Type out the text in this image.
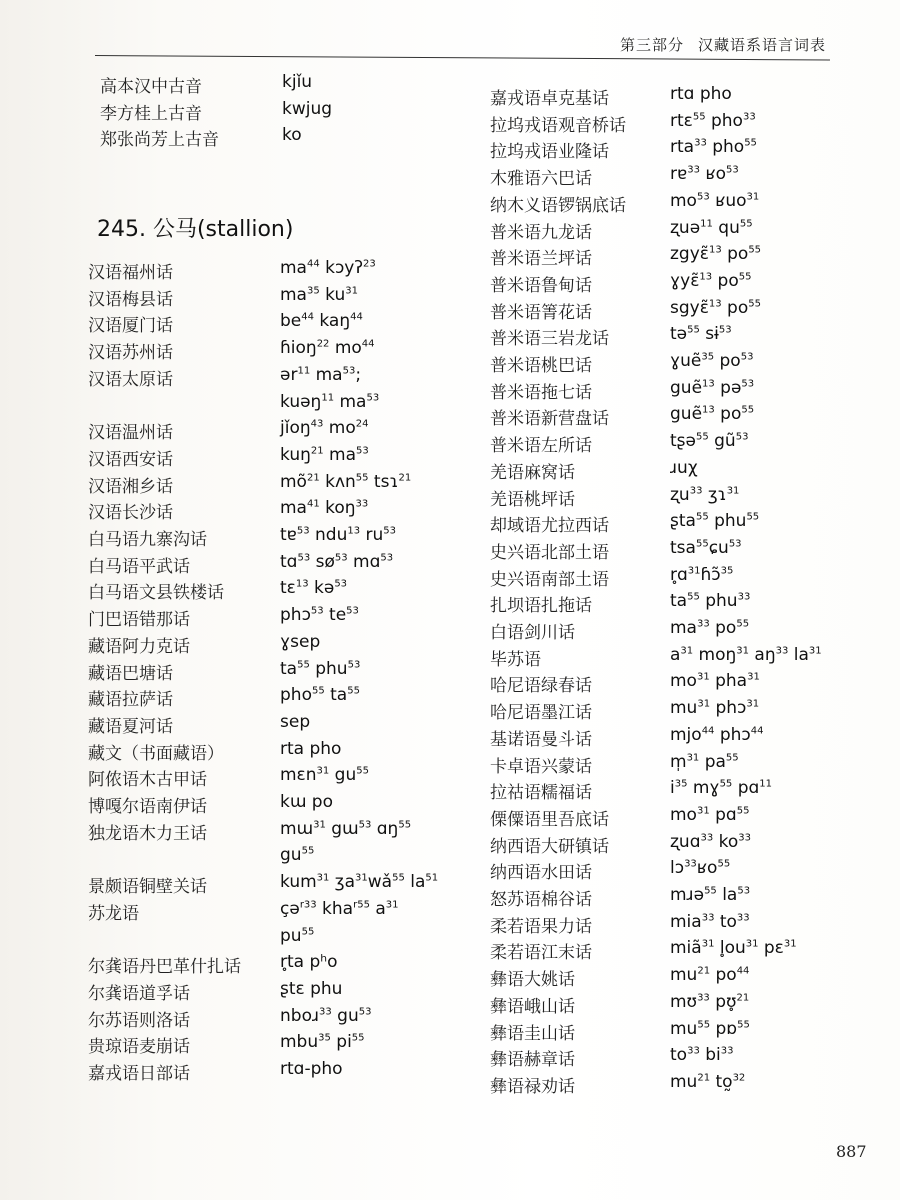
第三部分 汉藏语系语言词表
高本汉中古音	kjǐu
李方桂上古音	kwjug
郑张尚芳上古音	ko
245. 公马(stallion)
汉语福州话	$ma^{44}$ kɔyʔ$^{23}$
汉语梅县话	$ma^{35}$ $ku^{31}$
汉语厦门话	$be^{44}$ kaŋ$^{44}$
汉语苏州话	ɦioŋ$^{22}$ $mo^{44}$
汉语太原话	ər$^{11}$ $ma^{53}$;
kuəŋ$^{11}$ $ma^{53}$
汉语温州话	jǐoŋ$^{43}$ $mo^{24}$
汉语西安话	kuŋ$^{21}$ $ma^{53}$
汉语湘乡话	$mõ^{21}$ kʌn$^{55}$ tsɿ$^{21}$
汉语长沙话	$ma^{41}$ koŋ$^{33}$
白马语九寨沟话	tɐ$^{53}$ ndu$^{13}$ $ru^{53}$
白马语平武话	tɑ$^{53}$ $sø^{53}$ mɑ$^{53}$
白马语文县铁楼话	tɛ$^{13}$ kə$^{53}$
门巴语错那话	phɔ$^{53}$ $te^{53}$
藏语阿力克话	ɣsep
藏语巴塘话	$ta^{55}$ phu$^{53}$
藏语拉萨话	pho$^{55}$ $ta^{55}$
藏语夏河话	sep
藏文（书面藏语）	rta pho
阿侬语木古甲话	mɛn$^{31}$ $gu^{55}$
博嘎尔语南伊话	kɯ po
独龙语木力王话	mɯ$^{31}$ gɯ$^{53}$ ɑŋ$^{55}$
$gu^{55}$
景颇语铜壁关话	kum$^{31}$ $ʒa^{31}wǎ^{55}$ $la^{51}$
苏龙语	çə$^{r33}$ kha$^{r55}$ $a^{31}$
$pu^{55}$
尔龚语丹巴革什扎话 r̥ta pʰo
尔龚语道孚话	ʂtɛ phu
尔苏语则洛话	nboɹ$^{33}$ $gu^{53}$
贵琼语麦崩话	mbu$^{35}$ $pi^{55}$
嘉戎语日部话	rtɑ-pho
嘉戎语卓克基话	rtɑ pho
拉坞戎语观音桥话	rtɛ$^{55}$ pho$^{33}$
拉坞戎语业隆话	rta$^{33}$ pho$^{55}$
木雅语六巴话	rɐ$^{33}$ ʁo$^{53}$
纳木义语锣锅底话	$mo^{53}$ ʁuo$^{31}$
普米语九龙话	ʐuə$^{11}$ $qu^{55}$
普米语兰坪话	zgyɛ̃$^{13}$ $po^{55}$
普米语鲁甸话	ɣyɛ̃$^{13}$ $po^{55}$
普米语箐花话	sgyɛ̃$^{13}$ $po^{55}$
普米语三岩龙话	tə$^{55}$ sɨ$^{53}$
普米语桃巴话	ɣuẽ$^{35}$ $po^{53}$
普米语拖七话	guẽ$^{13}$ pə$^{53}$
普米语新营盘话	guẽ$^{13}$ $po^{55}$
普米语左所话	tʂə$^{55}$ $gũ^{53}$
羌语麻窝话	ɹuχ
羌语桃坪话	ʐu$^{33}$ ʒɿ$^{31}$
却域语尤拉西话	ʂta$^{55}$ phu$^{55}$
史兴语北部土语	tsa$^{55}$ɕu$^{53}$
史兴语南部土语	r̥ɑ$^{31}$ɦɔ̃$^{35}$
扎坝语扎拖话	$ta^{55}$ phu$^{33}$
白语剑川话	$ma^{33}$ $po^{55}$
毕苏语	$a^{31}$ moŋ$^{31}$ $aŋ^{33}$ $la^{31}$
哈尼语绿春话	$mo^{31}$ pha$^{31}$
哈尼语墨江话	$mu^{31}$ phɔ$^{31}$
基诺语曼斗话	mjo$^{44}$ phɔ$^{44}$
卡卓语兴蒙话	m̩$^{31}$ $pa^{55}$
拉祜语糯福话	$i^{35}$ mɣ$^{55}$ pɑ$^{11}$
傈僳语里吾底话	$mo^{31}$ pɑ$^{55}$
纳西语大研镇话	ʐuɑ$^{33}$ $ko^{33}$
纳西语水田话	lɔ$^{33}$ʁo$^{55}$
怒苏语棉谷话	mɹə$^{55}$ $la^{53}$
柔若语果力话	mia$^{33}$ $to^{33}$
柔若语江末话	miã$^{31}$ $l̥ou^{31}$ pɛ$^{31}$
彝语大姚话	$mu^{21}$ $po^{44}$
彝语峨山话	mʊ$^{33}$ pʊ̥$^{21}$
彝语圭山话	$mu^{55}$ pɒ$^{55}$
彝语赫章话	$to^{33}$ $bi^{33}$
彝语禄劝话	$mu^{21}$ to̰$^{32}$
887
